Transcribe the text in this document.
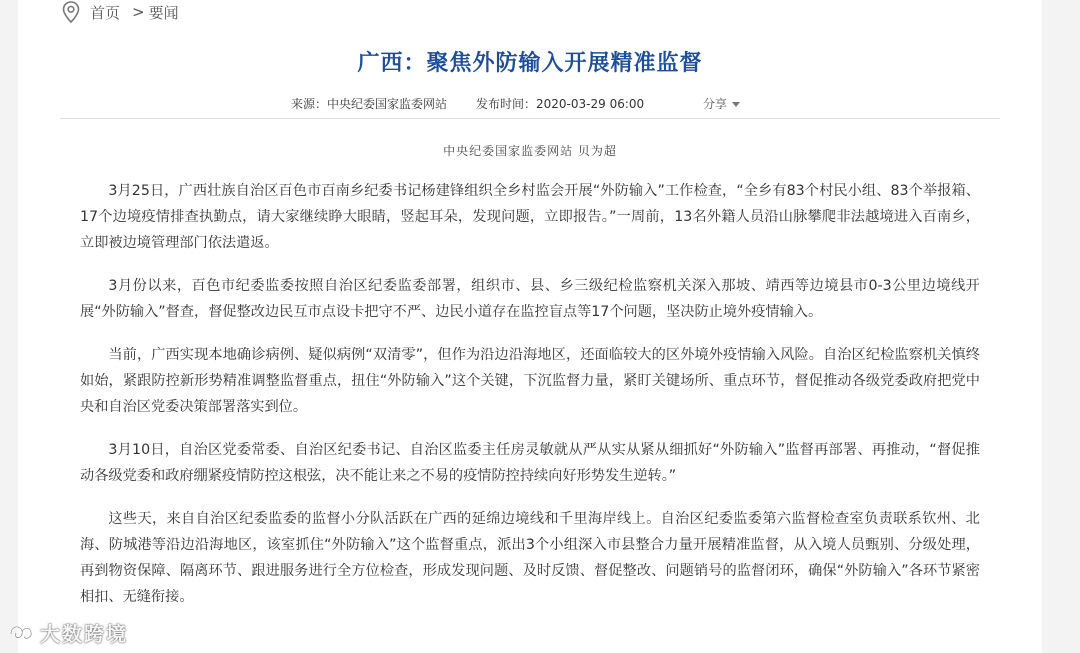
首页 > 要闻
广西：聚焦外防输入开展精准监督
来源：中央纪委国家监委网站 发布时间：2020-03-29 06:00	分享
中央纪委国家监委网站 贝为超

3月25日，广西壮族自治区百色市百南乡纪委书记杨建锋组织全乡村监会开展“外防输入”工作检查，“全乡有83个村民小组、83个举报箱、17个边境疫情排查执勤点，请大家继续睁大眼睛，竖起耳朵，发现问题，立即报告。”一周前，13名外籍人员沿山脉攀爬非法越境进入百南乡，立即被边境管理部门依法遣返。

3月份以来，百色市纪委监委按照自治区纪委监委部署，组织市、县、乡三级纪检监察机关深入那坡、靖西等边境县市0-3公里边境线开展“外防输入”督查，督促整改边民互市点设卡把守不严、边民小道存在监控盲点等17个问题，坚决防止境外疫情输入。

当前，广西实现本地确诊病例、疑似病例“双清零”，但作为沿边沿海地区，还面临较大的区外境外疫情输入风险。自治区纪检监察机关慎终如始，紧跟防控新形势精准调整监督重点，扭住“外防输入”这个关键，下沉监督力量，紧盯关键场所、重点环节，督促推动各级党委政府把党中央和自治区党委决策部署落实到位。

3月10日，自治区党委常委、自治区纪委书记、自治区监委主任房灵敏就从严从实从紧从细抓好“外防输入”监督再部署、再推动，“督促推动各级党委和政府绷紧疫情防控这根弦，决不能让来之不易的疫情防控持续向好形势发生逆转。”

这些天，来自自治区纪委监委的监督小分队活跃在广西的延绵边境线和千里海岸线上。自治区纪委监委第六监督检查室负责联系钦州、北海、防城港等沿边沿海地区，该室抓住“外防输入”这个监督重点，派出3个小组深入市县整合力量开展精准监督，从入境人员甄别、分级处理，再到物资保障、隔离环节、跟进服务进行全方位检查，形成发现问题、及时反馈、督促整改、问题销号的监督闭环，确保“外防输入”各环节紧密相扣、无缝衔接。

大数跨境
